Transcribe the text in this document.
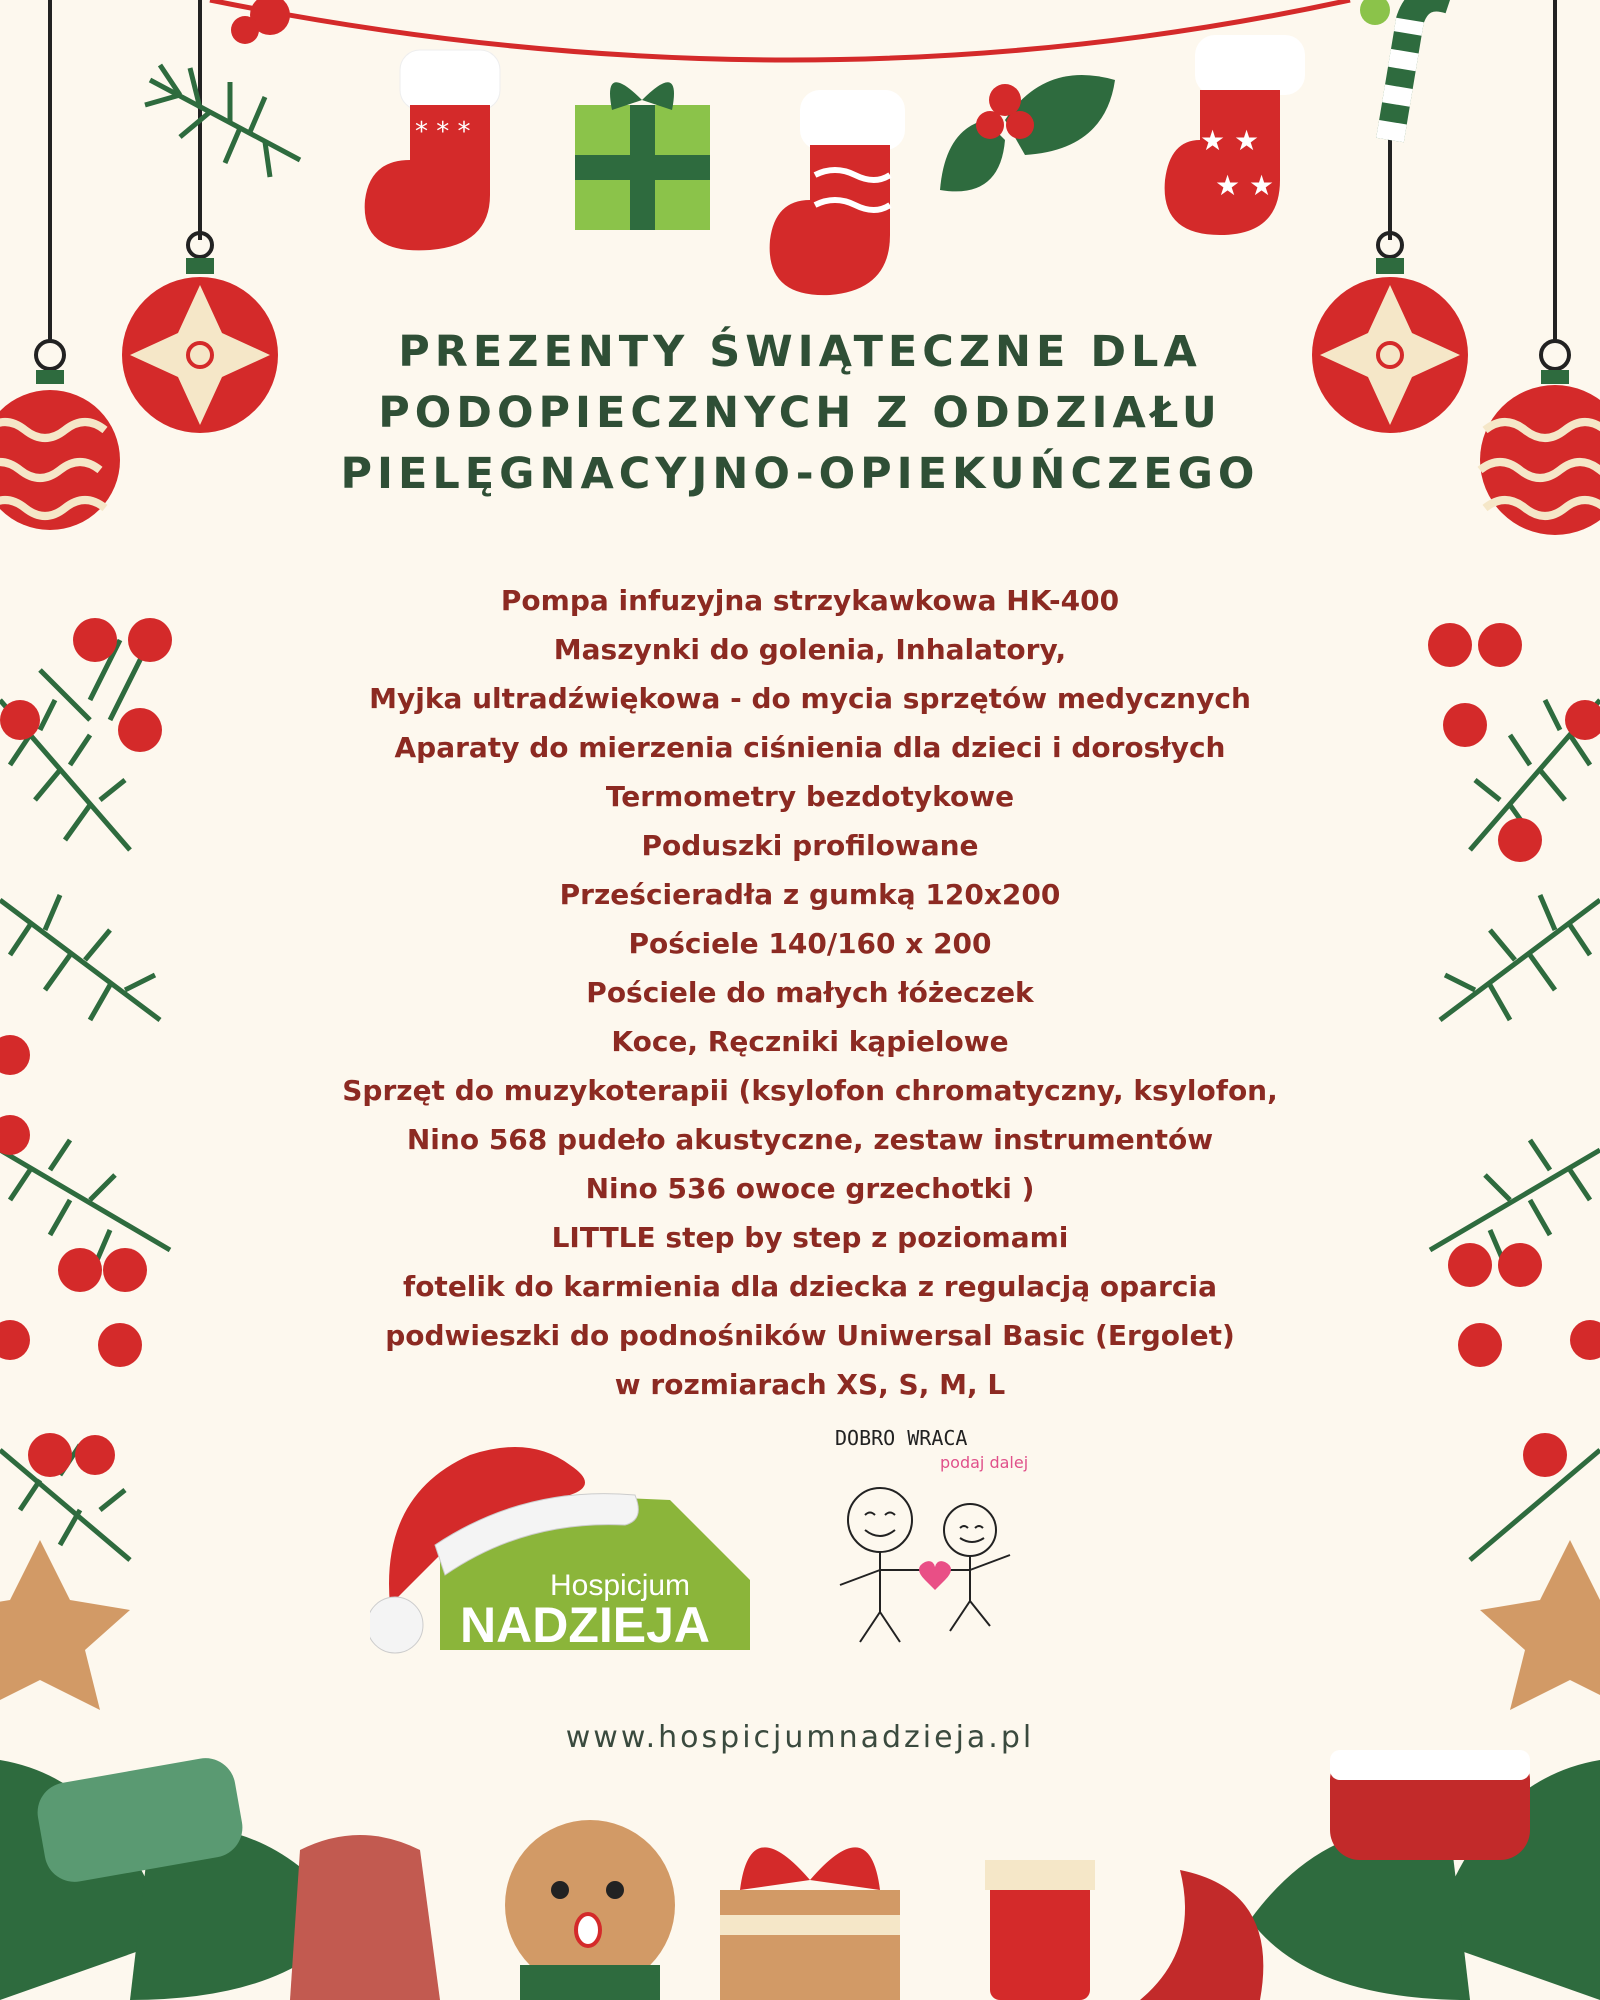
* * *	★ ★
★ ★
PREZENTY ŚWIĄTECZNE DLA
PODOPIECZNYCH Z ODDZIAŁU
PIELĘGNACYJNO-OPIEKUŃCZEGO
Pompa infuzyjna strzykawkowa HK-400
Maszynki do golenia, Inhalatory,
Myjka ultradźwiękowa - do mycia sprzętów medycznych
Aparaty do mierzenia ciśnienia dla dzieci i dorosłych
Termometry bezdotykowe
Poduszki profilowane
Prześcieradła z gumką 120x200
Pościele 140/160 x 200
Pościele do małych łóżeczek
Koce, Ręczniki kąpielowe
Sprzęt do muzykoterapii (ksylofon chromatyczny, ksylofon,
Nino 568 pudeło akustyczne, zestaw instrumentów
Nino 536 owoce grzechotki )
LITTLE step by step z poziomami
fotelik do karmienia dla dziecka z regulacją oparcia
podwieszki do podnośników Uniwersal Basic (Ergolet)
w rozmiarach XS, S, M, L
Hospicjum
NADZIEJA
DOBRO WRACA
podaj dalej
www.hospicjumnadzieja.pl
